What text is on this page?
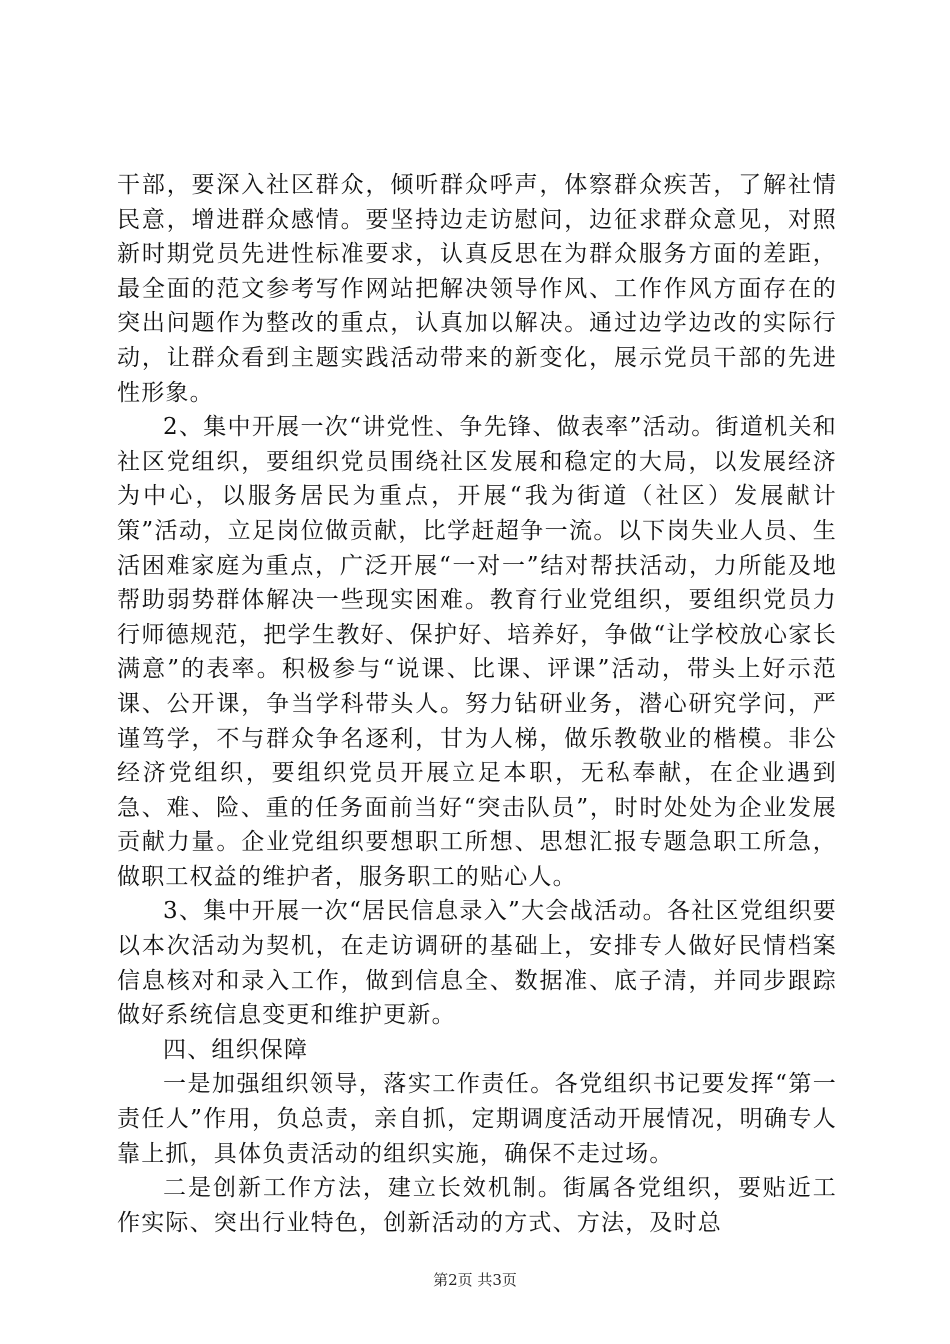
干部，要深入社区群众，倾听群众呼声，体察群众疾苦，了解社情民意，增进群众感情。要坚持边走访慰问，边征求群众意见，对照新时期党员先进性标准要求，认真反思在为群众服务方面的差距，最全面的范文参考写作网站把解决领导作风、工作作风方面存在的突出问题作为整改的重点，认真加以解决。通过边学边改的实际行动，让群众看到主题实践活动带来的新变化，展示党员干部的先进性形象。

2、集中开展一次“讲党性、争先锋、做表率”活动。街道机关和社区党组织，要组织党员围绕社区发展和稳定的大局，以发展经济为中心，以服务居民为重点，开展“我为街道（社区）发展献计策”活动，立足岗位做贡献，比学赶超争一流。以下岗失业人员、生活困难家庭为重点，广泛开展“一对一”结对帮扶活动，力所能及地帮助弱势群体解决一些现实困难。教育行业党组织，要组织党员力行师德规范，把学生教好、保护好、培养好，争做“让学校放心家长满意”的表率。积极参与“说课、比课、评课”活动，带头上好示范课、公开课，争当学科带头人。努力钻研业务，潜心研究学问，严谨笃学，不与群众争名逐利，甘为人梯，做乐教敬业的楷模。非公经济党组织，要组织党员开展立足本职，无私奉献，在企业遇到急、难、险、重的任务面前当好“突击队员”，时时处处为企业发展贡献力量。企业党组织要想职工所想、思想汇报专题急职工所急，做职工权益的维护者，服务职工的贴心人。

3、集中开展一次“居民信息录入”大会战活动。各社区党组织要以本次活动为契机，在走访调研的基础上，安排专人做好民情档案信息核对和录入工作，做到信息全、数据准、底子清，并同步跟踪做好系统信息变更和维护更新。

四、组织保障

一是加强组织领导，落实工作责任。各党组织书记要发挥“第一责任人”作用，负总责，亲自抓，定期调度活动开展情况，明确专人靠上抓，具体负责活动的组织实施，确保不走过场。

二是创新工作方法，建立长效机制。街属各党组织，要贴近工作实际、突出行业特色，创新活动的方式、方法，及时总

第2页 共3页
